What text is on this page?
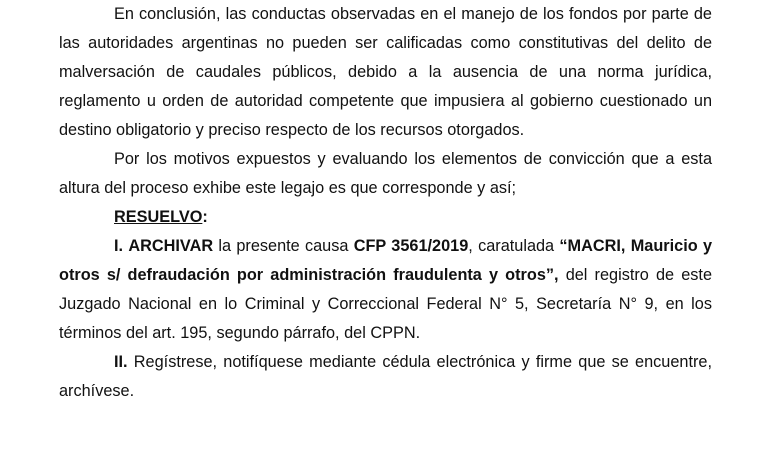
En conclusión, las conductas observadas en el manejo de los fondos por parte de las autoridades argentinas no pueden ser calificadas como constitutivas del delito de malversación de caudales públicos, debido a la ausencia de una norma jurídica, reglamento u orden de autoridad competente que impusiera al gobierno cuestionado un destino obligatorio y preciso respecto de los recursos otorgados.

Por los motivos expuestos y evaluando los elementos de convicción que a esta altura del proceso exhibe este legajo es que corresponde y así;

RESUELVO:

I. ARCHIVAR la presente causa CFP 3561/2019, caratulada “MACRI, Mauricio y otros s/ defraudación por administración fraudulenta y otros”, del registro de este Juzgado Nacional en lo Criminal y Correccional Federal N° 5, Secretaría N° 9, en los términos del art. 195, segundo párrafo, del CPPN.

II. Regístrese, notifíquese mediante cédula electrónica y firme que se encuentre, archívese.
